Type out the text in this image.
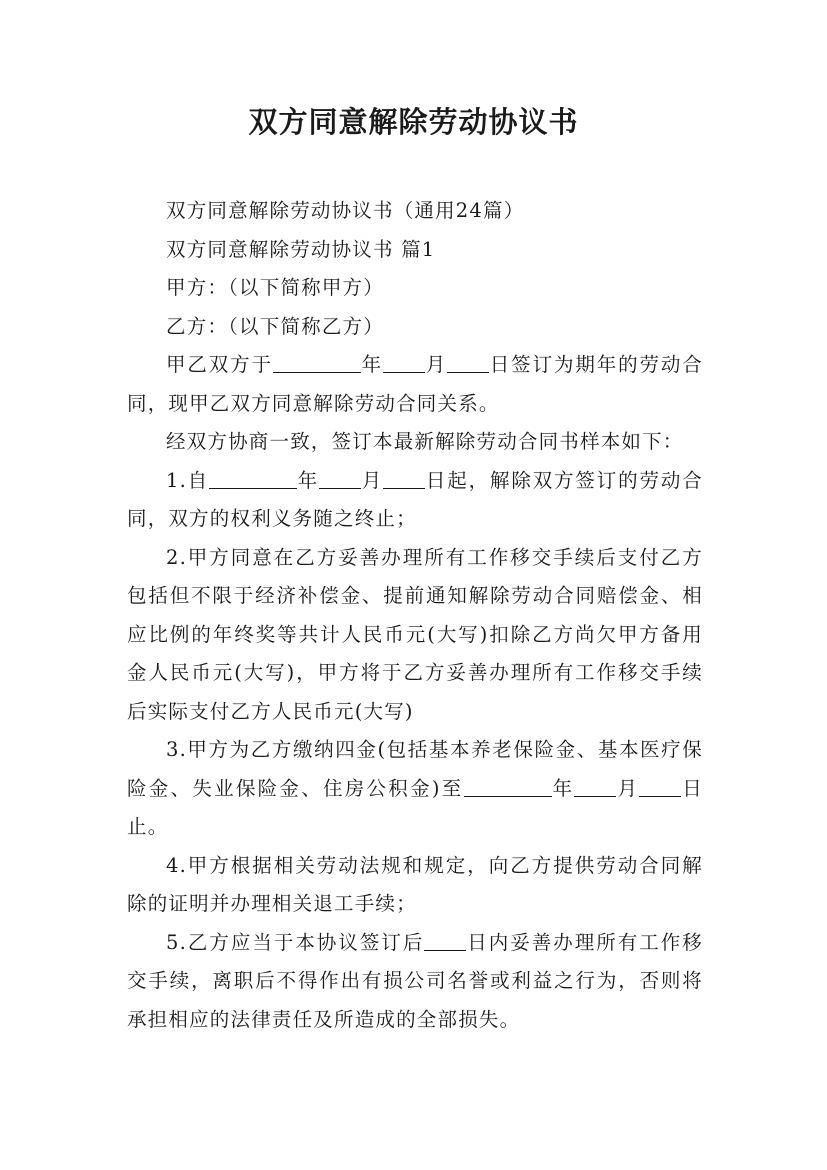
双方同意解除劳动协议书

双方同意解除劳动协议书（通用24篇）

双方同意解除劳动协议书 篇1

甲方：（以下简称甲方）

乙方：（以下简称乙方）

甲乙双方于	年 月 日签订为期年的劳动合同，现甲乙双方同意解除劳动合同关系。

经双方协商一致，签订本最新解除劳动合同书样本如下：

1.自	年 月 日起，解除双方签订的劳动合同，双方的权利义务随之终止；

2.甲方同意在乙方妥善办理所有工作移交手续后支付乙方包括但不限于经济补偿金、提前通知解除劳动合同赔偿金、相应比例的年终奖等共计人民币元(大写)扣除乙方尚欠甲方备用金人民币元(大写)，甲方将于乙方妥善办理所有工作移交手续后实际支付乙方人民币元(大写)

3.甲方为乙方缴纳四金(包括基本养老保险金、基本医疗保险金、失业保险金、住房公积金)至	年 月 日止。

4.甲方根据相关劳动法规和规定，向乙方提供劳动合同解除的证明并办理相关退工手续；

5.乙方应当于本协议签订后 日内妥善办理所有工作移交手续，离职后不得作出有损公司名誉或利益之行为，否则将承担相应的法律责任及所造成的全部损失。
